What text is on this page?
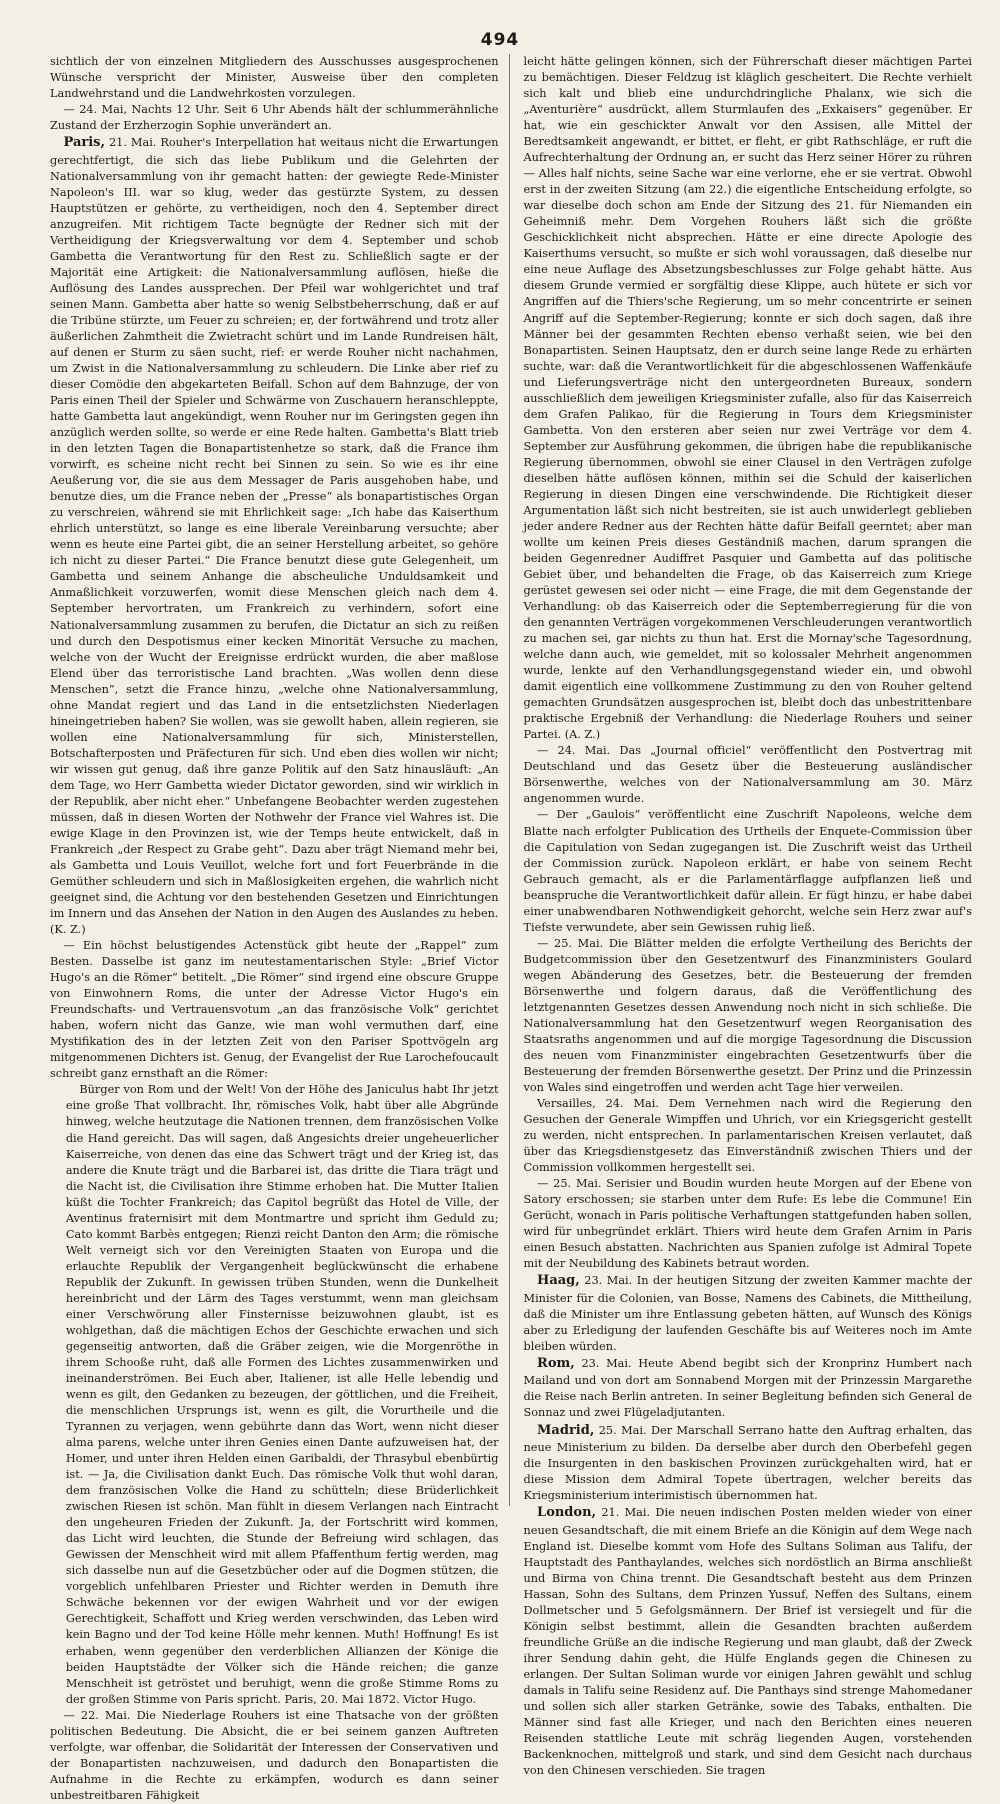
494

sichtlich der von einzelnen Mitgliedern des Ausschusses ausgesprochenen Wünsche verspricht der Minister, Ausweise über den completen Landwehrstand und die Landwehrkosten vorzulegen.

— 24. Mai, Nachts 12 Uhr. Seit 6 Uhr Abends hält der schlummerähnliche Zustand der Erzherzogin Sophie unverändert an.

Paris, 21. Mai. Rouher's Interpellation hat weitaus nicht die Erwartungen gerechtfertigt, die sich das liebe Publikum und die Gelehrten der Nationalversammlung von ihr gemacht hatten: der gewiegte Rede-Minister Napoleon's III. war so klug, weder das gestürzte System, zu dessen Hauptstützen er gehörte, zu vertheidigen, noch den 4. September direct anzugreifen. Mit richtigem Tacte begnügte der Redner sich mit der Vertheidigung der Kriegsverwaltung vor dem 4. September und schob Gambetta die Verantwortung für den Rest zu. Schließlich sagte er der Majorität eine Artigkeit: die Nationalversammlung auflösen, hieße die Auflösung des Landes aussprechen. Der Pfeil war wohlgerichtet und traf seinen Mann. Gambetta aber hatte so wenig Selbstbeherrschung, daß er auf die Tribüne stürzte, um Feuer zu schreien; er, der fortwährend und trotz aller äußerlichen Zahmtheit die Zwietracht schürt und im Lande Rundreisen hält, auf denen er Sturm zu säen sucht, rief: er werde Rouher nicht nachahmen, um Zwist in die Nationalversammlung zu schleudern. Die Linke aber rief zu dieser Comödie den abgekarteten Beifall. Schon auf dem Bahnzuge, der von Paris einen Theil der Spieler und Schwärme von Zuschauern heranschleppte, hatte Gambetta laut angekündigt, wenn Rouher nur im Geringsten gegen ihn anzüglich werden sollte, so werde er eine Rede halten. Gambetta's Blatt trieb in den letzten Tagen die Bonapartistenhetze so stark, daß die France ihm vorwirft, es scheine nicht recht bei Sinnen zu sein. So wie es ihr eine Aeußerung vor, die sie aus dem Messager de Paris ausgehoben habe, und benutze dies, um die France neben der „Presse“ als bonapartistisches Organ zu verschreien, während sie mit Ehrlichkeit sage: „Ich habe das Kaiserthum ehrlich unterstützt, so lange es eine liberale Vereinbarung versuchte; aber wenn es heute eine Partei gibt, die an seiner Herstellung arbeitet, so gehöre ich nicht zu dieser Partei.“ Die France benutzt diese gute Gelegenheit, um Gambetta und seinem Anhange die abscheuliche Unduldsamkeit und Anmaßlichkeit vorzuwerfen, womit diese Menschen gleich nach dem 4. September hervortraten, um Frankreich zu verhindern, sofort eine Nationalversammlung zusammen zu berufen, die Dictatur an sich zu reißen und durch den Despotismus einer kecken Minorität Versuche zu machen, welche von der Wucht der Ereignisse erdrückt wurden, die aber maßlose Elend über das terroristische Land brachten. „Was wollen denn diese Menschen“, setzt die France hinzu, „welche ohne Nationalversammlung, ohne Mandat regiert und das Land in die entsetzlichsten Niederlagen hineingetrieben haben? Sie wollen, was sie gewollt haben, allein regieren, sie wollen eine Nationalversammlung für sich, Ministerstellen, Botschafterposten und Präfecturen für sich. Und eben dies wollen wir nicht; wir wissen gut genug, daß ihre ganze Politik auf den Satz hinausläuft: „An dem Tage, wo Herr Gambetta wieder Dictator geworden, sind wir wirklich in der Republik, aber nicht eher.“ Unbefangene Beobachter werden zugestehen müssen, daß in diesen Worten der Nothwehr der France viel Wahres ist. Die ewige Klage in den Provinzen ist, wie der Temps heute entwickelt, daß in Frankreich „der Respect zu Grabe geht“. Dazu aber trägt Niemand mehr bei, als Gambetta und Louis Veuillot, welche fort und fort Feuerbrände in die Gemüther schleudern und sich in Maßlosigkeiten ergehen, die wahrlich nicht geeignet sind, die Achtung vor den bestehenden Gesetzen und Einrichtungen im Innern und das Ansehen der Nation in den Augen des Auslandes zu heben. (K. Z.)

— Ein höchst belustigendes Actenstück gibt heute der „Rappel“ zum Besten. Dasselbe ist ganz im neutestamentarischen Style: „Brief Victor Hugo's an die Römer“ betitelt. „Die Römer“ sind irgend eine obscure Gruppe von Einwohnern Roms, die unter der Adresse Victor Hugo's ein Freundschafts- und Vertrauensvotum „an das französische Volk“ gerichtet haben, wofern nicht das Ganze, wie man wohl vermuthen darf, eine Mystifikation des in der letzten Zeit von den Pariser Spottvögeln arg mitgenommenen Dichters ist. Genug, der Evangelist der Rue Larochefoucault schreibt ganz ernsthaft an die Römer:

Bürger von Rom und der Welt! Von der Höhe des Janiculus habt Ihr jetzt eine große That vollbracht. Ihr, römisches Volk, habt über alle Abgründe hinweg, welche heutzutage die Nationen trennen, dem französischen Volke die Hand gereicht. Das will sagen, daß Angesichts dreier ungeheuerlicher Kaiserreiche, von denen das eine das Schwert trägt und der Krieg ist, das andere die Knute trägt und die Barbarei ist, das dritte die Tiara trägt und die Nacht ist, die Civilisation ihre Stimme erhoben hat. Die Mutter Italien küßt die Tochter Frankreich; das Capitol begrüßt das Hotel de Ville, der Aventinus fraternisirt mit dem Montmartre und spricht ihm Geduld zu; Cato kommt Barbès entgegen; Rienzi reicht Danton den Arm; die römische Welt verneigt sich vor den Vereinigten Staaten von Europa und die erlauchte Republik der Vergangenheit beglückwünscht die erhabene Republik der Zukunft. In gewissen trüben Stunden, wenn die Dunkelheit hereinbricht und der Lärm des Tages verstummt, wenn man gleichsam einer Verschwörung aller Finsternisse beizuwohnen glaubt, ist es wohlgethan, daß die mächtigen Echos der Geschichte erwachen und sich gegenseitig antworten, daß die Gräber zeigen, wie die Morgenröthe in ihrem Schooße ruht, daß alle Formen des Lichtes zusammenwirken und ineinanderströmen. Bei Euch aber, Italiener, ist alle Helle lebendig und wenn es gilt, den Gedanken zu bezeugen, der göttlichen, und die Freiheit, die menschlichen Ursprungs ist, wenn es gilt, die Vorurtheile und die Tyrannen zu verjagen, wenn gebührte dann das Wort, wenn nicht dieser alma parens, welche unter ihren Genies einen Dante aufzuweisen hat, der Homer, und unter ihren Helden einen Garibaldi, der Thrasybul ebenbürtig ist. — Ja, die Civilisation dankt Euch. Das römische Volk thut wohl daran, dem französischen Volke die Hand zu schütteln; diese Brüderlichkeit zwischen Riesen ist schön. Man fühlt in diesem Verlangen nach Eintracht den ungeheuren Frieden der Zukunft. Ja, der Fortschritt wird kommen, das Licht wird leuchten, die Stunde der Befreiung wird schlagen, das Gewissen der Menschheit wird mit allem Pfaffenthum fertig werden, mag sich dasselbe nun auf die Gesetzbücher oder auf die Dogmen stützen, die vorgeblich unfehlbaren Priester und Richter werden in Demuth ihre Schwäche bekennen vor der ewigen Wahrheit und vor der ewigen Gerechtigkeit, Schaffott und Krieg werden verschwinden, das Leben wird kein Bagno und der Tod keine Hölle mehr kennen. Muth! Hoffnung! Es ist erhaben, wenn gegenüber den verderblichen Allianzen der Könige die beiden Hauptstädte der Völker sich die Hände reichen; die ganze Menschheit ist getröstet und beruhigt, wenn die große Stimme Roms zu der großen Stimme von Paris spricht. Paris, 20. Mai 1872. Victor Hugo.

— 22. Mai. Die Niederlage Rouhers ist eine Thatsache von der größten politischen Bedeutung. Die Absicht, die er bei seinem ganzen Auftreten verfolgte, war offenbar, die Solidarität der Interessen der Conservativen und der Bonapartisten nachzuweisen, und dadurch den Bonapartisten die Aufnahme in die Rechte zu erkämpfen, wodurch es dann seiner unbestreitbaren Fähigkeit

leicht hätte gelingen können, sich der Führerschaft dieser mächtigen Partei zu bemächtigen. Dieser Feldzug ist kläglich gescheitert. Die Rechte verhielt sich kalt und blieb eine undurchdringliche Phalanx, wie sich die „Aventurière“ ausdrückt, allem Sturmlaufen des „Exkaisers“ gegenüber. Er hat, wie ein geschickter Anwalt vor den Assisen, alle Mittel der Beredtsamkeit angewandt, er bittet, er fleht, er gibt Rathschläge, er ruft die Aufrechterhaltung der Ordnung an, er sucht das Herz seiner Hörer zu rühren — Alles half nichts, seine Sache war eine verlorne, ehe er sie vertrat. Obwohl erst in der zweiten Sitzung (am 22.) die eigentliche Entscheidung erfolgte, so war dieselbe doch schon am Ende der Sitzung des 21. für Niemanden ein Geheimniß mehr. Dem Vorgehen Rouhers läßt sich die größte Geschicklichkeit nicht absprechen. Hätte er eine directe Apologie des Kaiserthums versucht, so mußte er sich wohl voraussagen, daß dieselbe nur eine neue Auflage des Absetzungsbeschlusses zur Folge gehabt hätte. Aus diesem Grunde vermied er sorgfältig diese Klippe, auch hütete er sich vor Angriffen auf die Thiers'sche Regierung, um so mehr concentrirte er seinen Angriff auf die September-Regierung; konnte er sich doch sagen, daß ihre Männer bei der gesammten Rechten ebenso verhaßt seien, wie bei den Bonapartisten. Seinen Hauptsatz, den er durch seine lange Rede zu erhärten suchte, war: daß die Verantwortlichkeit für die abgeschlossenen Waffenkäufe und Lieferungsverträge nicht den untergeordneten Bureaux, sondern ausschließlich dem jeweiligen Kriegsminister zufalle, also für das Kaiserreich dem Grafen Palikao, für die Regierung in Tours dem Kriegsminister Gambetta. Von den ersteren aber seien nur zwei Verträge vor dem 4. September zur Ausführung gekommen, die übrigen habe die republikanische Regierung übernommen, obwohl sie einer Clausel in den Verträgen zufolge dieselben hätte auflösen können, mithin sei die Schuld der kaiserlichen Regierung in diesen Dingen eine verschwindende. Die Richtigkeit dieser Argumentation läßt sich nicht bestreiten, sie ist auch unwiderlegt geblieben jeder andere Redner aus der Rechten hätte dafür Beifall geerntet; aber man wollte um keinen Preis dieses Geständniß machen, darum sprangen die beiden Gegenredner Audiffret Pasquier und Gambetta auf das politische Gebiet über, und behandelten die Frage, ob das Kaiserreich zum Kriege gerüstet gewesen sei oder nicht — eine Frage, die mit dem Gegenstande der Verhandlung: ob das Kaiserreich oder die Septemberregierung für die von den genannten Verträgen vorgekommenen Verschleuderungen verantwortlich zu machen sei, gar nichts zu thun hat. Erst die Mornay'sche Tagesordnung, welche dann auch, wie gemeldet, mit so kolossaler Mehrheit angenommen wurde, lenkte auf den Verhandlungsgegenstand wieder ein, und obwohl damit eigentlich eine vollkommene Zustimmung zu den von Rouher geltend gemachten Grundsätzen ausgesprochen ist, bleibt doch das unbestrittenbare praktische Ergebniß der Verhandlung: die Niederlage Rouhers und seiner Partei. (A. Z.)

— 24. Mai. Das „Journal officiel“ veröffentlicht den Postvertrag mit Deutschland und das Gesetz über die Besteuerung ausländischer Börsenwerthe, welches von der Nationalversammlung am 30. März angenommen wurde.

— Der „Gaulois“ veröffentlicht eine Zuschrift Napoleons, welche dem Blatte nach erfolgter Publication des Urtheils der Enquete-Commission über die Capitulation von Sedan zugegangen ist. Die Zuschrift weist das Urtheil der Commission zurück. Napoleon erklärt, er habe von seinem Recht Gebrauch gemacht, als er die Parlamentärflagge aufpflanzen ließ und beanspruche die Verantwortlichkeit dafür allein. Er fügt hinzu, er habe dabei einer unabwendbaren Nothwendigkeit gehorcht, welche sein Herz zwar auf's Tiefste verwundete, aber sein Gewissen ruhig ließ.

— 25. Mai. Die Blätter melden die erfolgte Vertheilung des Berichts der Budgetcommission über den Gesetzentwurf des Finanzministers Goulard wegen Abänderung des Gesetzes, betr. die Besteuerung der fremden Börsenwerthe und folgern daraus, daß die Veröffentlichung des letztgenannten Gesetzes dessen Anwendung noch nicht in sich schließe. Die Nationalversammlung hat den Gesetzentwurf wegen Reorganisation des Staatsraths angenommen und auf die morgige Tagesordnung die Discussion des neuen vom Finanzminister eingebrachten Gesetzentwurfs über die Besteuerung der fremden Börsenwerthe gesetzt. Der Prinz und die Prinzessin von Wales sind eingetroffen und werden acht Tage hier verweilen.

Versailles, 24. Mai. Dem Vernehmen nach wird die Regierung den Gesuchen der Generale Wimpffen und Uhrich, vor ein Kriegsgericht gestellt zu werden, nicht entsprechen. In parlamentarischen Kreisen verlautet, daß über das Kriegsdienstgesetz das Einverständniß zwischen Thiers und der Commission vollkommen hergestellt sei.

— 25. Mai. Serisier und Boudin wurden heute Morgen auf der Ebene von Satory erschossen; sie starben unter dem Rufe: Es lebe die Commune! Ein Gerücht, wonach in Paris politische Verhaftungen stattgefunden haben sollen, wird für unbegründet erklärt. Thiers wird heute dem Grafen Arnim in Paris einen Besuch abstatten. Nachrichten aus Spanien zufolge ist Admiral Topete mit der Neubildung des Kabinets betraut worden.

Haag, 23. Mai. In der heutigen Sitzung der zweiten Kammer machte der Minister für die Colonien, van Bosse, Namens des Cabinets, die Mittheilung, daß die Minister um ihre Entlassung gebeten hätten, auf Wunsch des Königs aber zu Erledigung der laufenden Geschäfte bis auf Weiteres noch im Amte bleiben würden.

Rom, 23. Mai. Heute Abend begibt sich der Kronprinz Humbert nach Mailand und von dort am Sonnabend Morgen mit der Prinzessin Margarethe die Reise nach Berlin antreten. In seiner Begleitung befinden sich General de Sonnaz und zwei Flügeladjutanten.

Madrid, 25. Mai. Der Marschall Serrano hatte den Auftrag erhalten, das neue Ministerium zu bilden. Da derselbe aber durch den Oberbefehl gegen die Insurgenten in den baskischen Provinzen zurückgehalten wird, hat er diese Mission dem Admiral Topete übertragen, welcher bereits das Kriegsministerium interimistisch übernommen hat.

London, 21. Mai. Die neuen indischen Posten melden wieder von einer neuen Gesandtschaft, die mit einem Briefe an die Königin auf dem Wege nach England ist. Dieselbe kommt vom Hofe des Sultans Soliman aus Talifu, der Hauptstadt des Panthaylandes, welches sich nordöstlich an Birma anschließt und Birma von China trennt. Die Gesandtschaft besteht aus dem Prinzen Hassan, Sohn des Sultans, dem Prinzen Yussuf, Neffen des Sultans, einem Dollmetscher und 5 Gefolgsmännern. Der Brief ist versiegelt und für die Königin selbst bestimmt, allein die Gesandten brachten außerdem freundliche Grüße an die indische Regierung und man glaubt, daß der Zweck ihrer Sendung dahin geht, die Hülfe Englands gegen die Chinesen zu erlangen. Der Sultan Soliman wurde vor einigen Jahren gewählt und schlug damals in Talifu seine Residenz auf. Die Panthays sind strenge Mahomedaner und sollen sich aller starken Getränke, sowie des Tabaks, enthalten. Die Männer sind fast alle Krieger, und nach den Berichten eines neueren Reisenden stattliche Leute mit schräg liegenden Augen, vorstehenden Backenknochen, mittelgroß und stark, und sind dem Gesicht nach durchaus von den Chinesen verschieden. Sie tragen
